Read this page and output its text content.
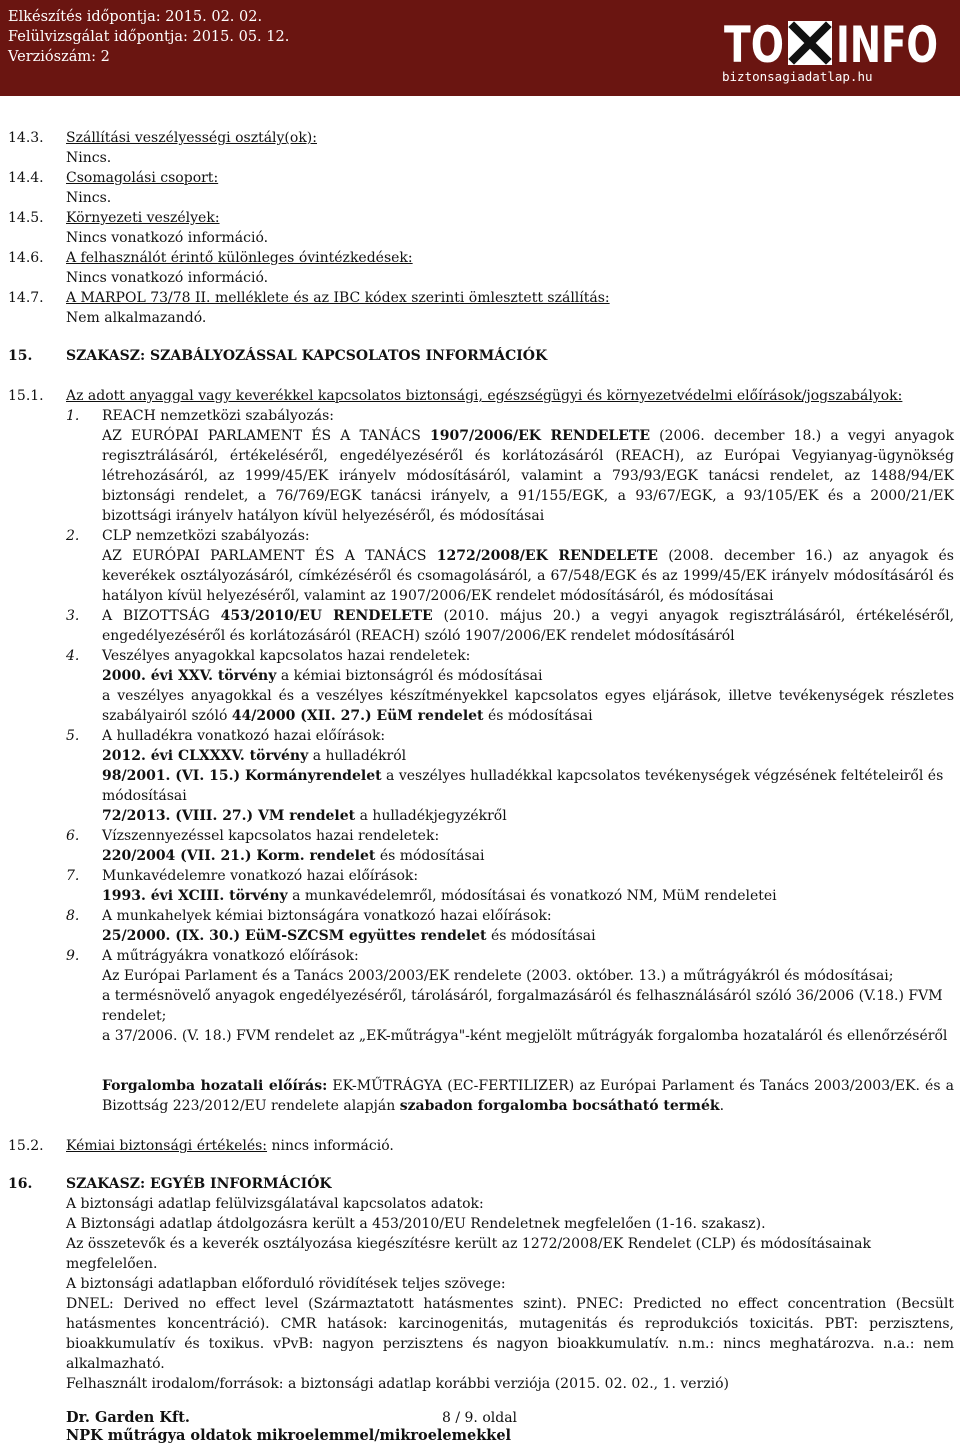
Elkészítés időpontja: 2015. 02. 02.
Felülvizsgálat időpontja: 2015. 05. 12.
Verziószám: 2	TO INFO
biztonsagiadatlap.hu
14.3. Szállítási veszélyességi osztály(ok):
Nincs.
14.4. Csomagolási csoport:
Nincs.
14.5. Környezeti veszélyek:
Nincs vonatkozó információ.
14.6. A felhasználót érintő különleges óvintézkedések:
Nincs vonatkozó információ.
14.7. A MARPOL 73/78 II. melléklete és az IBC kódex szerinti ömlesztett szállítás:
Nem alkalmazandó.
15. SZAKASZ: SZABÁLYOZÁSSAL KAPCSOLATOS INFORMÁCIÓK
15.1. Az adott anyaggal vagy keverékkel kapcsolatos biztonsági, egészségügyi és környezetvédelmi előírások/jogszabályok:
1. REACH nemzetközi szabályozás:
AZ EURÓPAI PARLAMENT ÉS A TANÁCS 1907/2006/EK RENDELETE (2006. december 18.) a vegyi anyagok regisztrálásáról, értékeléséről, engedélyezéséről és korlátozásáról (REACH), az Európai Vegyianyag-ügynökség létrehozásáról, az 1999/45/EK irányelv módosításáról, valamint a 793/93/EGK tanácsi rendelet, az 1488/94/EK biztonsági rendelet, a 76/769/EGK tanácsi irányelv, a 91/155/EGK, a 93/67/EGK, a 93/105/EK és a 2000/21/EK bizottsági irányelv hatályon kívül helyezéséről, és módosításai
2. CLP nemzetközi szabályozás:
AZ EURÓPAI PARLAMENT ÉS A TANÁCS 1272/2008/EK RENDELETE (2008. december 16.) az anyagok és keverékek osztályozásáról, címkézéséről és csomagolásáról, a 67/548/EGK és az 1999/45/EK irányelv módosításáról és hatályon kívül helyezéséről, valamint az 1907/2006/EK rendelet módosításáról, és módosításai
3. A BIZOTTSÁG 453/2010/EU RENDELETE (2010. május 20.) a vegyi anyagok regisztrálásáról, értékeléséről, engedélyezéséről és korlátozásáról (REACH) szóló 1907/2006/EK rendelet módosításáról
4. Veszélyes anyagokkal kapcsolatos hazai rendeletek:
2000. évi XXV. törvény a kémiai biztonságról és módosításai
a veszélyes anyagokkal és a veszélyes készítményekkel kapcsolatos egyes eljárások, illetve tevékenységek részletes szabályairól szóló 44/2000 (XII. 27.) EüM rendelet és módosításai
5. A hulladékra vonatkozó hazai előírások:
2012. évi CLXXXV. törvény a hulladékról
98/2001. (VI. 15.) Kormányrendelet a veszélyes hulladékkal kapcsolatos tevékenységek végzésének feltételeiről és módosításai
72/2013. (VIII. 27.) VM rendelet a hulladékjegyzékről
6. Vízszennyezéssel kapcsolatos hazai rendeletek:
220/2004 (VII. 21.) Korm. rendelet és módosításai
7. Munkavédelemre vonatkozó hazai előírások:
1993. évi XCIII. törvény a munkavédelemről, módosításai és vonatkozó NM, MüM rendeletei
8. A munkahelyek kémiai biztonságára vonatkozó hazai előírások:
25/2000. (IX. 30.) EüM-SZCSM együttes rendelet és módosításai
9. A műtrágyákra vonatkozó előírások:
Az Európai Parlament és a Tanács 2003/2003/EK rendelete (2003. október. 13.) a műtrágyákról és módosításai;
a termésnövelő anyagok engedélyezéséről, tárolásáról, forgalmazásáról és felhasználásáról szóló 36/2006 (V.18.) FVM rendelet;
a 37/2006. (V. 18.) FVM rendelet az „EK-műtrágya"-ként megjelölt műtrágyák forgalomba hozataláról és ellenőrzéséről
Forgalomba hozatali előírás: EK-MŰTRÁGYA (EC-FERTILIZER) az Európai Parlament és Tanács 2003/2003/EK. és a Bizottság 223/2012/EU rendelete alapján szabadon forgalomba bocsátható termék.
15.2. Kémiai biztonsági értékelés: nincs információ.
16. SZAKASZ: EGYÉB INFORMÁCIÓK
A biztonsági adatlap felülvizsgálatával kapcsolatos adatok:
A Biztonsági adatlap átdolgozásra került a 453/2010/EU Rendeletnek megfelelően (1-16. szakasz).
Az összetevők és a keverék osztályozása kiegészítésre került az 1272/2008/EK Rendelet (CLP) és módosításainak megfelelően.
A biztonsági adatlapban előforduló rövidítések teljes szövege:
DNEL: Derived no effect level (Származtatott hatásmentes szint). PNEC: Predicted no effect concentration (Becsült hatásmentes koncentráció). CMR hatások: karcinogenitás, mutagenitás és reprodukciós toxicitás. PBT: perzisztens, bioakkumulatív és toxikus. vPvB: nagyon perzisztens és nagyon bioakkumulatív. n.m.: nincs meghatározva. n.a.: nem alkalmazható.
Felhasznált irodalom/források: a biztonsági adatlap korábbi verziója (2015. 02. 02., 1. verzió)
Dr. Garden Kft.	8 / 9. oldal
NPK műtrágya oldatok mikroelemmel/mikroelemekkel
